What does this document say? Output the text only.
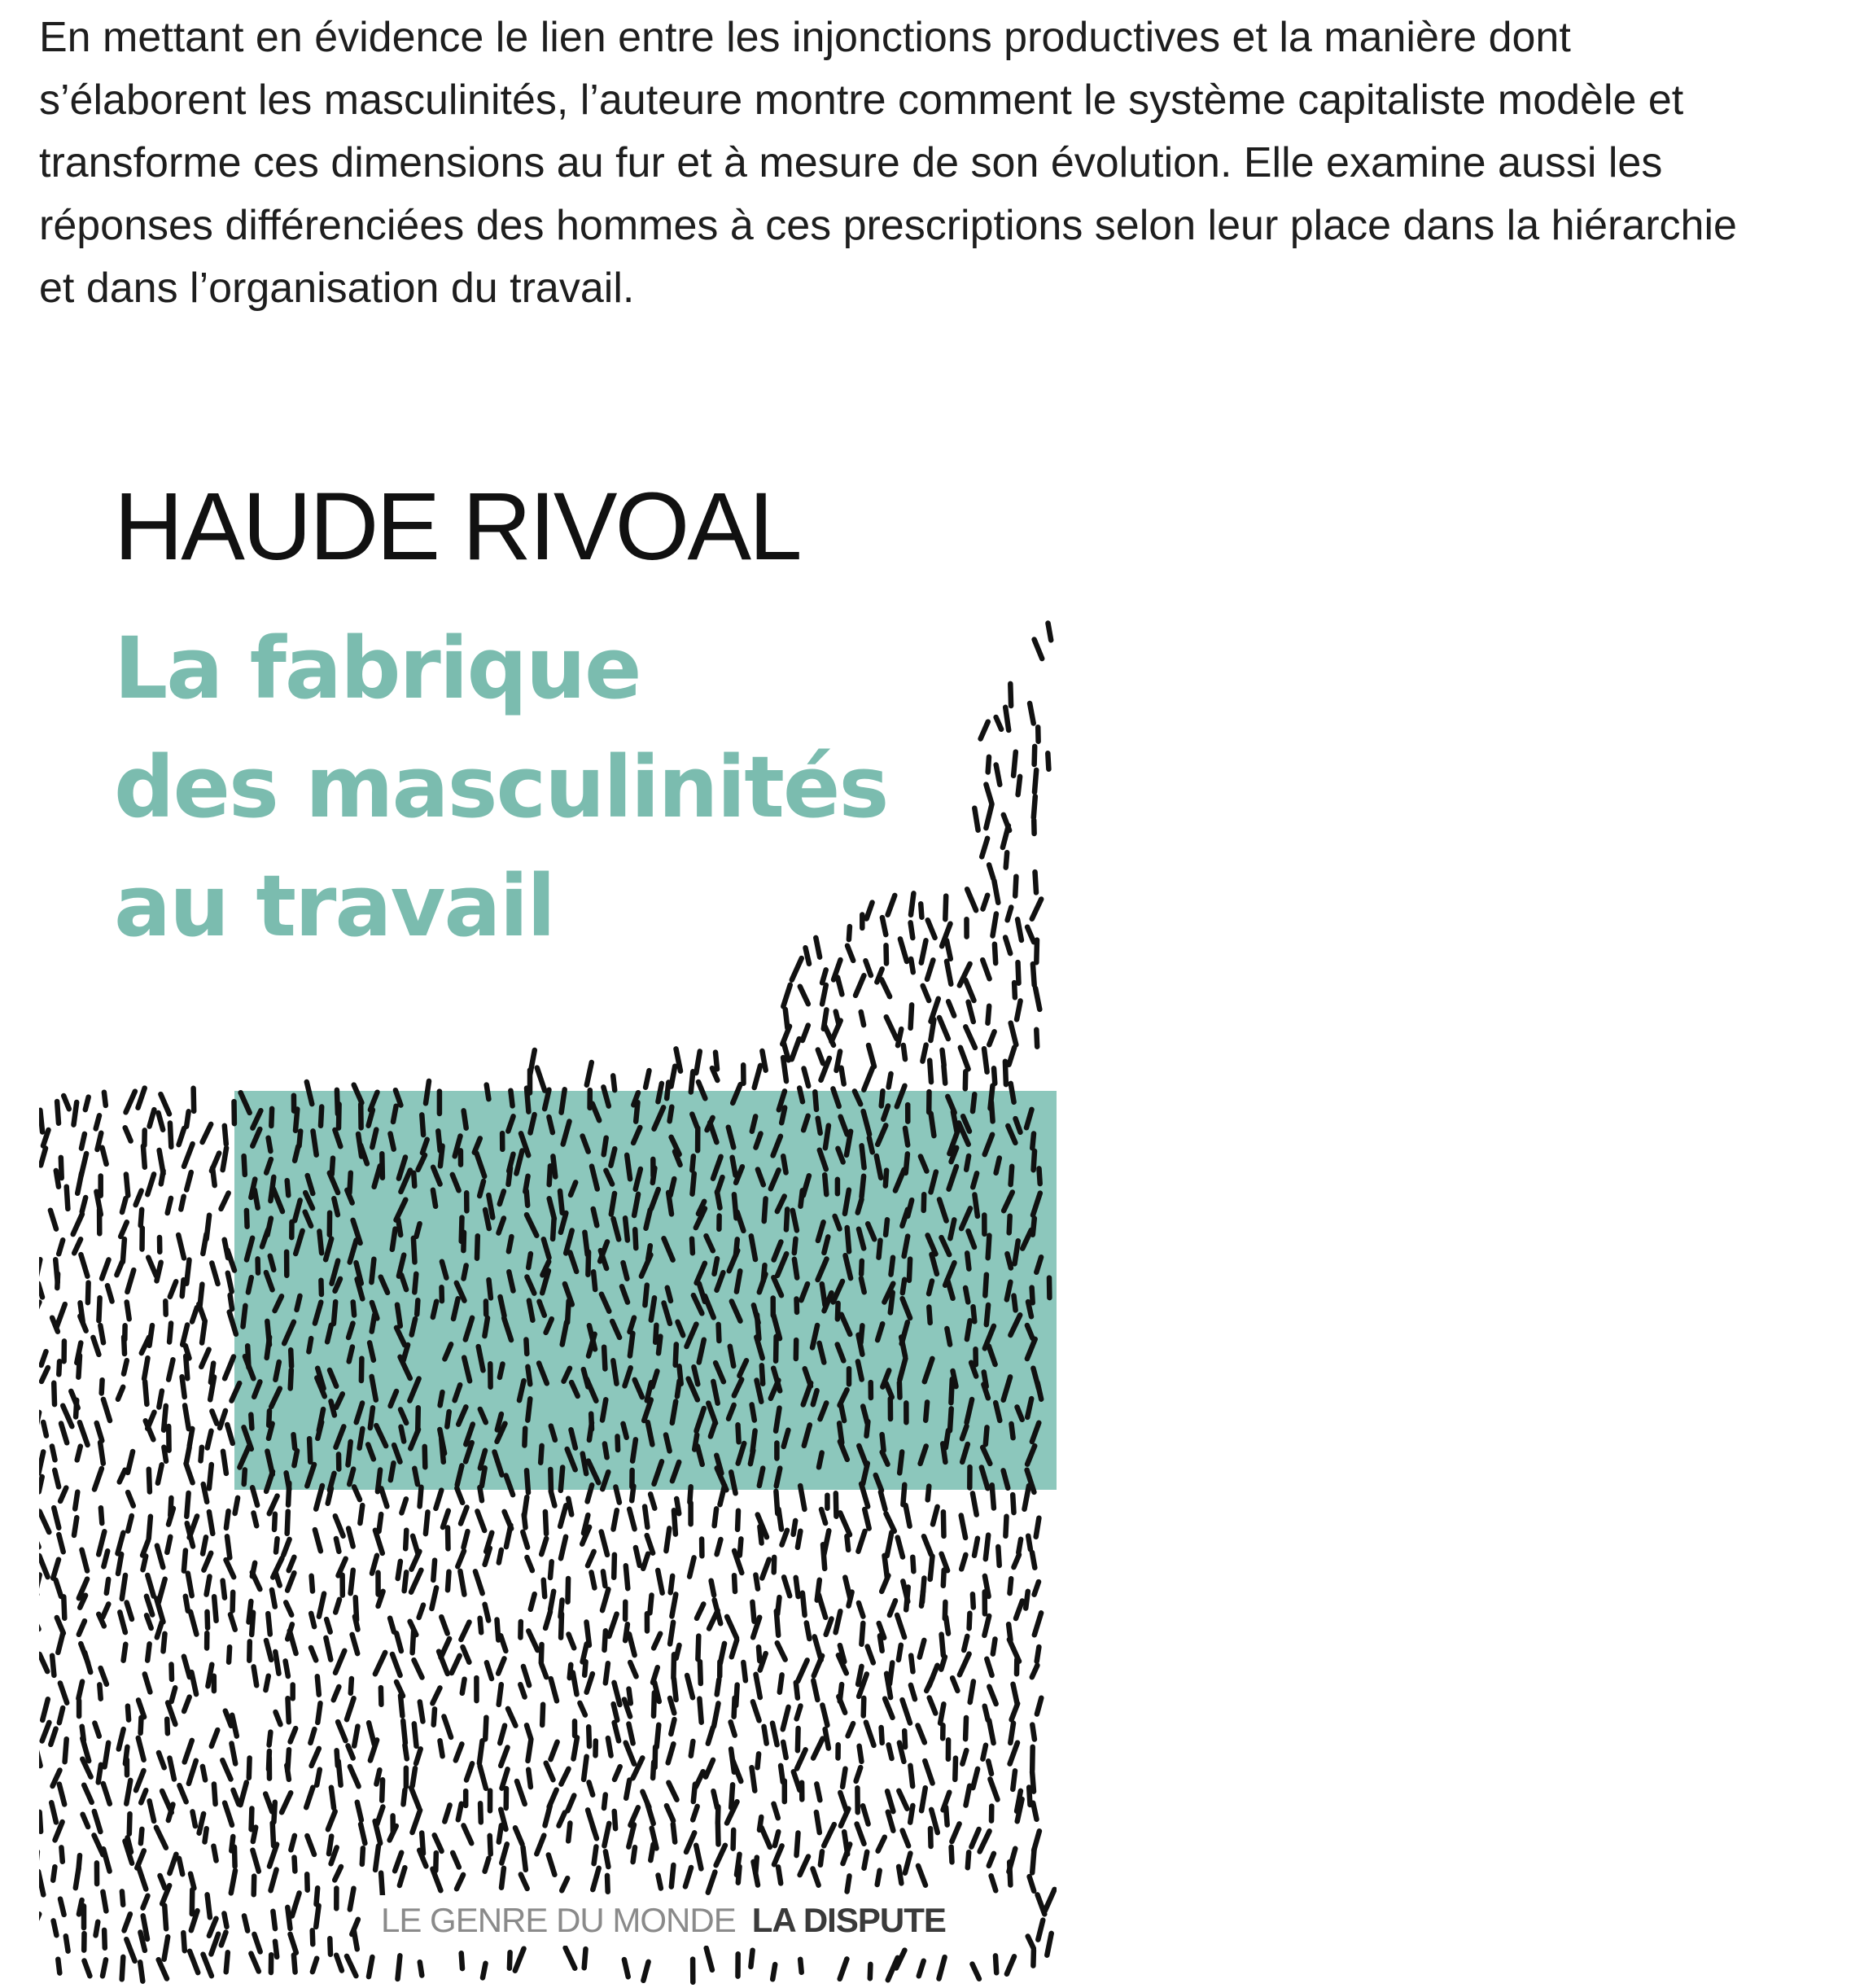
En mettant en évidence le lien entre les injonctions productives et la manière dont
s’élaborent les masculinités, l’auteure montre comment le système capitaliste modèle et
transforme ces dimensions au fur et à mesure de son évolution. Elle examine aussi les
réponses différenciées des hommes à ces prescriptions selon leur place dans la hiérarchie
et dans l’organisation du travail.

HAUDE RIVOAL
La fabrique
des masculinités
au travail
LE GENRE DU MONDE LA DISPUTE
